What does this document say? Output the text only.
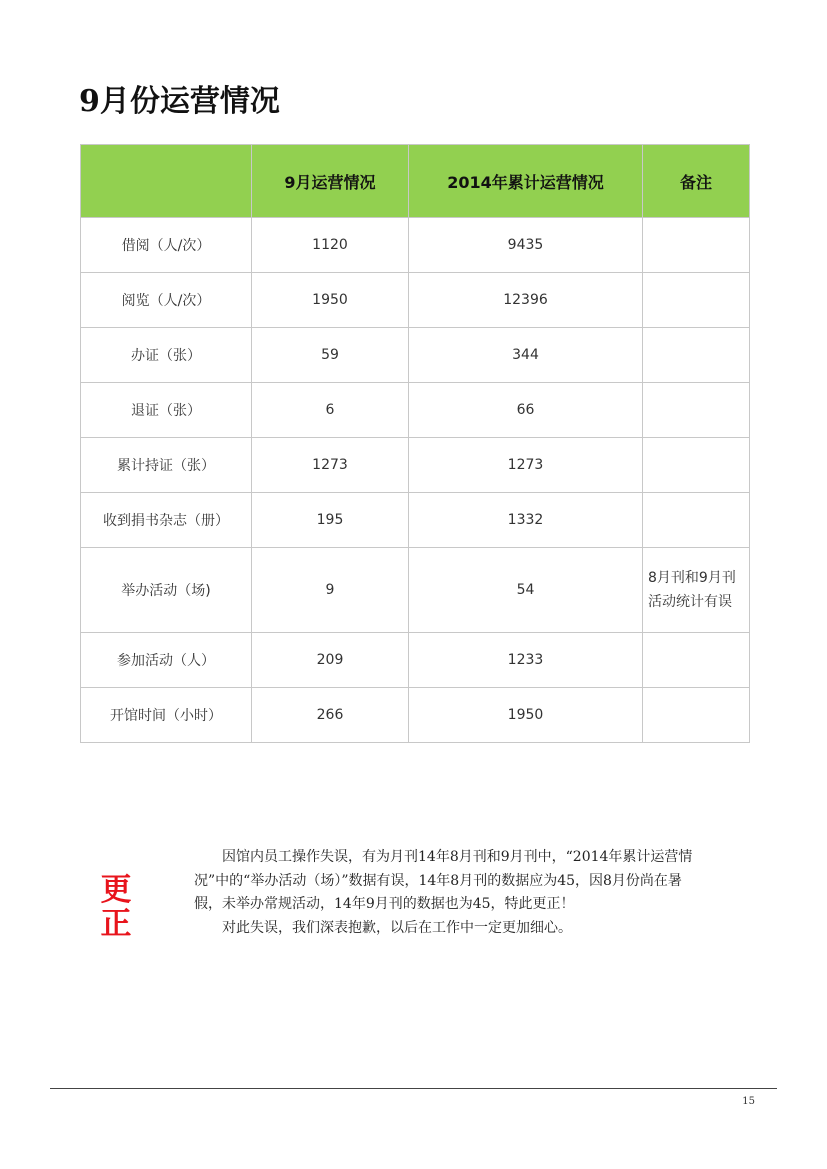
9月份运营情况
	9月运营情况	2014年累计运营情况	备注
借阅（人/次）	1120	9435	
阅览（人/次）	1950	12396	
办证（张）	59	344	
退证（张）	6	66	
累计持证（张）	1273	1273	
收到捐书杂志（册）	195	1332	
举办活动（场)	9	54	8月刊和9月刊活动统计有误
参加活动（人）	209	1233	
开馆时间（小时）	266	1950	
更
正

因馆内员工操作失误，有为月刊14年8月刊和9月刊中，“2014年累计运营情况”中的“举办活动（场）”数据有误，14年8月刊的数据应为45，因8月份尚在暑假，未举办常规活动，14年9月刊的数据也为45，特此更正！

对此失误，我们深表抱歉，以后在工作中一定更加细心。

15
